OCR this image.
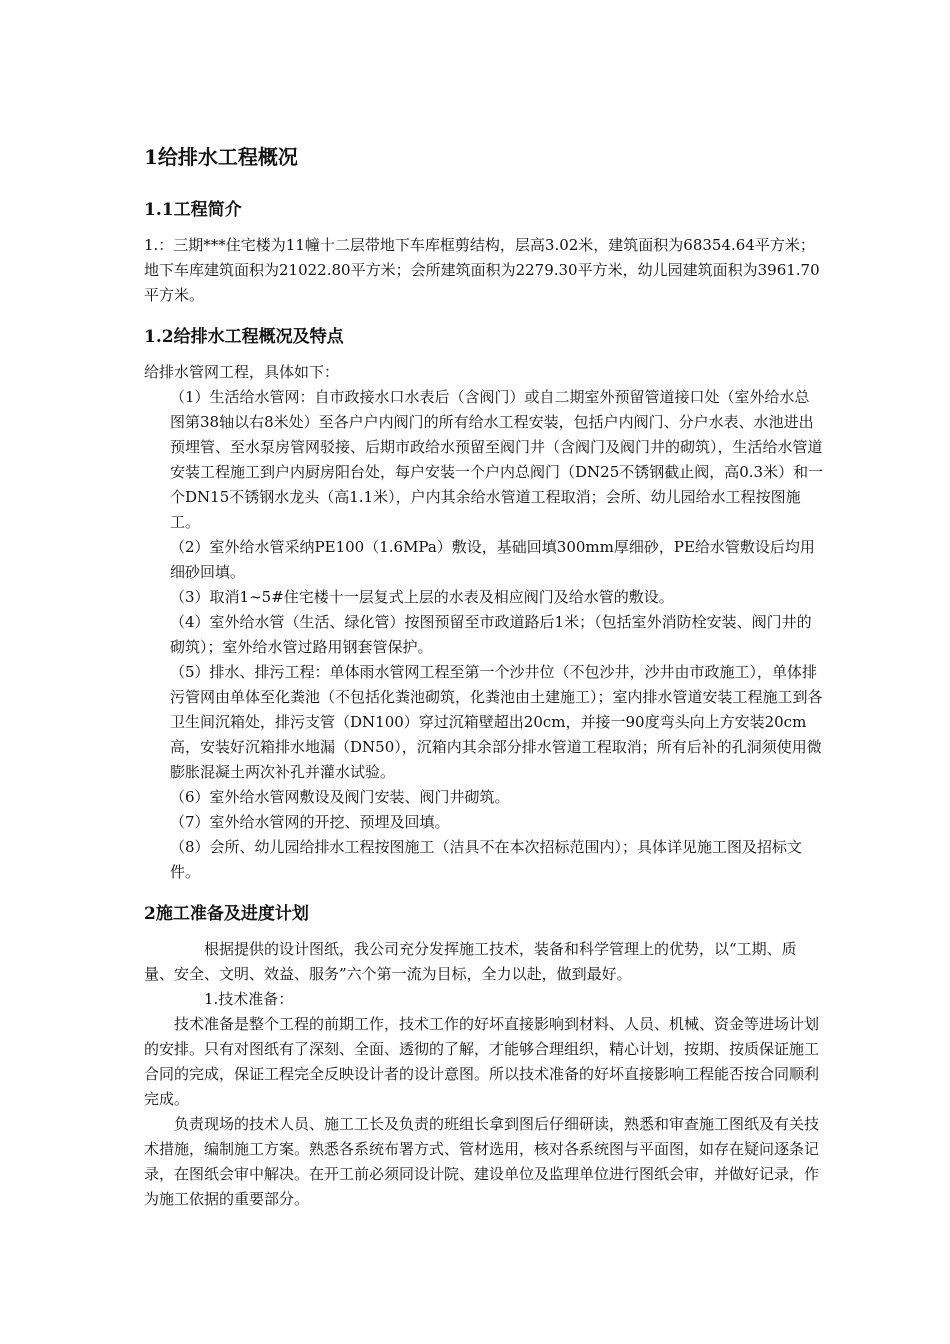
1给排水工程概况
1.1工程简介

1.：三期***住宅楼为11幢十二层带地下车库框剪结构，层高3.02米，建筑面积为68354.64平方米；地下车库建筑面积为21022.80平方米；会所建筑面积为2279.30平方米，幼儿园建筑面积为3961.70平方米。

1.2给排水工程概况及特点

给排水管网工程，具体如下：

（1）生活给水管网：自市政接水口水表后（含阀门）或自二期室外预留管道接口处（室外给水总图第38轴以右8米处）至各户户内阀门的所有给水工程安装，包括户内阀门、分户水表、水池进出预埋管、至水泵房管网驳接、后期市政给水预留至阀门井（含阀门及阀门井的砌筑），生活给水管道安装工程施工到户内厨房阳台处，每户安装一个户内总阀门（DN25不锈钢截止阀，高0.3米）和一个DN15不锈钢水龙头（高1.1米），户内其余给水管道工程取消；会所、幼儿园给水工程按图施工。

（2）室外给水管采纳PE100（1.6MPa）敷设，基础回填300mm厚细砂，PE给水管敷设后均用细砂回填。

（3）取消1~5#住宅楼十一层复式上层的水表及相应阀门及给水管的敷设。

（4）室外给水管（生活、绿化管）按图预留至市政道路后1米；（包括室外消防栓安装、阀门井的砌筑）；室外给水管过路用钢套管保护。

（5）排水、排污工程：单体雨水管网工程至第一个沙井位（不包沙井，沙井由市政施工），单体排污管网由单体至化粪池（不包括化粪池砌筑，化粪池由土建施工）；室内排水管道安装工程施工到各卫生间沉箱处，排污支管（DN100）穿过沉箱壁超出20cm，并接一90度弯头向上方安装20cm高，安装好沉箱排水地漏（DN50），沉箱内其余部分排水管道工程取消；所有后补的孔洞须使用微膨胀混凝土两次补孔并灌水试验。

（6）室外给水管网敷设及阀门安装、阀门井砌筑。

（7）室外给水管网的开挖、预埋及回填。

（8）会所、幼儿园给排水工程按图施工（洁具不在本次招标范围内）；具体详见施工图及招标文件。

2施工准备及进度计划

根据提供的设计图纸，我公司充分发挥施工技术，装备和科学管理上的优势，以“工期、质量、安全、文明、效益、服务”六个第一流为目标，全力以赴，做到最好。

1.技术准备：

技术准备是整个工程的前期工作，技术工作的好坏直接影响到材料、人员、机械、资金等进场计划的安排。只有对图纸有了深刻、全面、透彻的了解，才能够合理组织，精心计划，按期、按质保证施工合同的完成，保证工程完全反映设计者的设计意图。所以技术准备的好坏直接影响工程能否按合同顺利完成。

负责现场的技术人员、施工工长及负责的班组长拿到图后仔细研读，熟悉和审查施工图纸及有关技术措施，编制施工方案。熟悉各系统布署方式、管材选用，核对各系统图与平面图，如存在疑问逐条记录，在图纸会审中解决。在开工前必须同设计院、建设单位及监理单位进行图纸会审，并做好记录，作为施工依据的重要部分。
